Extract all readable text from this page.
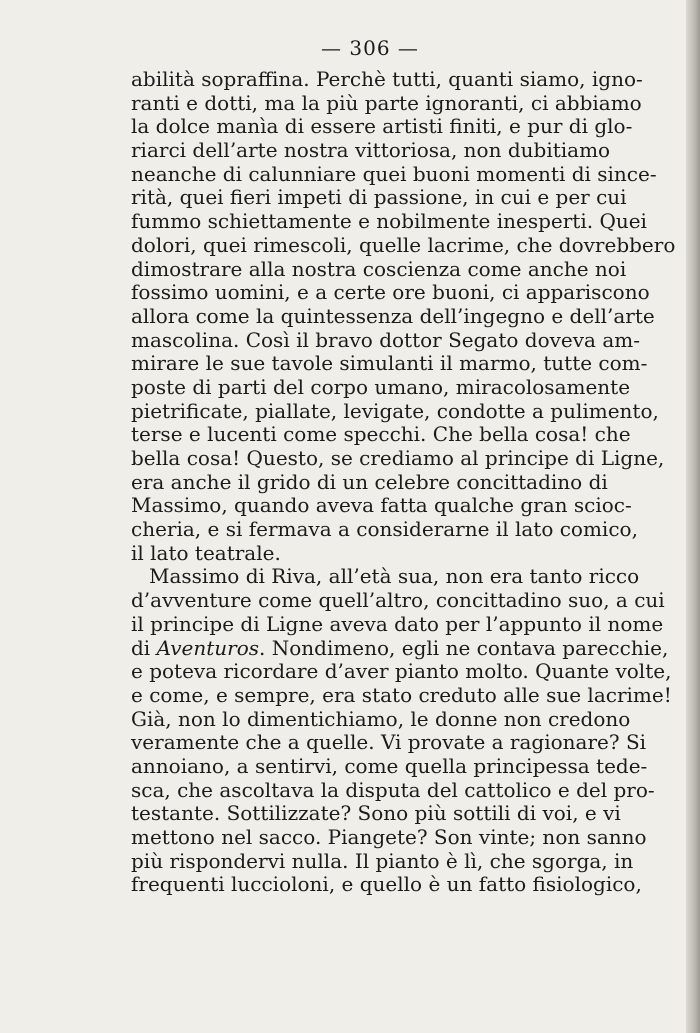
— 306 —
abilità sopraffina. Perchè tutti, quanti siamo, igno-
ranti e dotti, ma la più parte ignoranti, ci abbiamo
la dolce manìa di essere artisti finiti, e pur di glo-
riarci dell’arte nostra vittoriosa, non dubitiamo
neanche di calunniare quei buoni momenti di since-
rità, quei fieri impeti di passione, in cui e per cui
fummo schiettamente e nobilmente inesperti. Quei
dolori, quei rimescoli, quelle lacrime, che dovrebbero
dimostrare alla nostra coscienza come anche noi
fossimo uomini, e a certe ore buoni, ci appariscono
allora come la quintessenza dell’ingegno e dell’arte
mascolina. Così il bravo dottor Segato doveva am-
mirare le sue tavole simulanti il marmo, tutte com-
poste di parti del corpo umano, miracolosamente
pietrificate, piallate, levigate, condotte a pulimento,
terse e lucenti come specchi. Che bella cosa! che
bella cosa! Questo, se crediamo al principe di Ligne,
era anche il grido di un celebre concittadino di
Massimo, quando aveva fatta qualche gran sciоc-
cheria, e si fermava a considerarne il lato comico,
il lato teatrale.
Massimo di Riva, all’età sua, non era tanto ricco
d’avventure come quell’altro, concittadino suo, a cui
il principe di Ligne aveva dato per l’appunto il nome
di Aventuros. Nondimeno, egli ne contava parecchie,
e poteva ricordare d’aver pianto molto. Quante volte,
e come, e sempre, era stato creduto alle sue lacrime!
Già, non lo dimentichiamo, le donne non credono
veramente che a quelle. Vi provate a ragionare? Si
annoiano, a sentirvi, come quella principessa tede-
sca, che ascoltava la disputa del cattolico e del pro-
testante. Sottilizzate? Sono più sottili di voi, e vi
mettono nel sacco. Piangete? Son vinte; non sanno
più rispondervi nulla. Il pianto è lì, che sgorga, in
frequenti luccioloni, e quello è un fatto fisiologico,
